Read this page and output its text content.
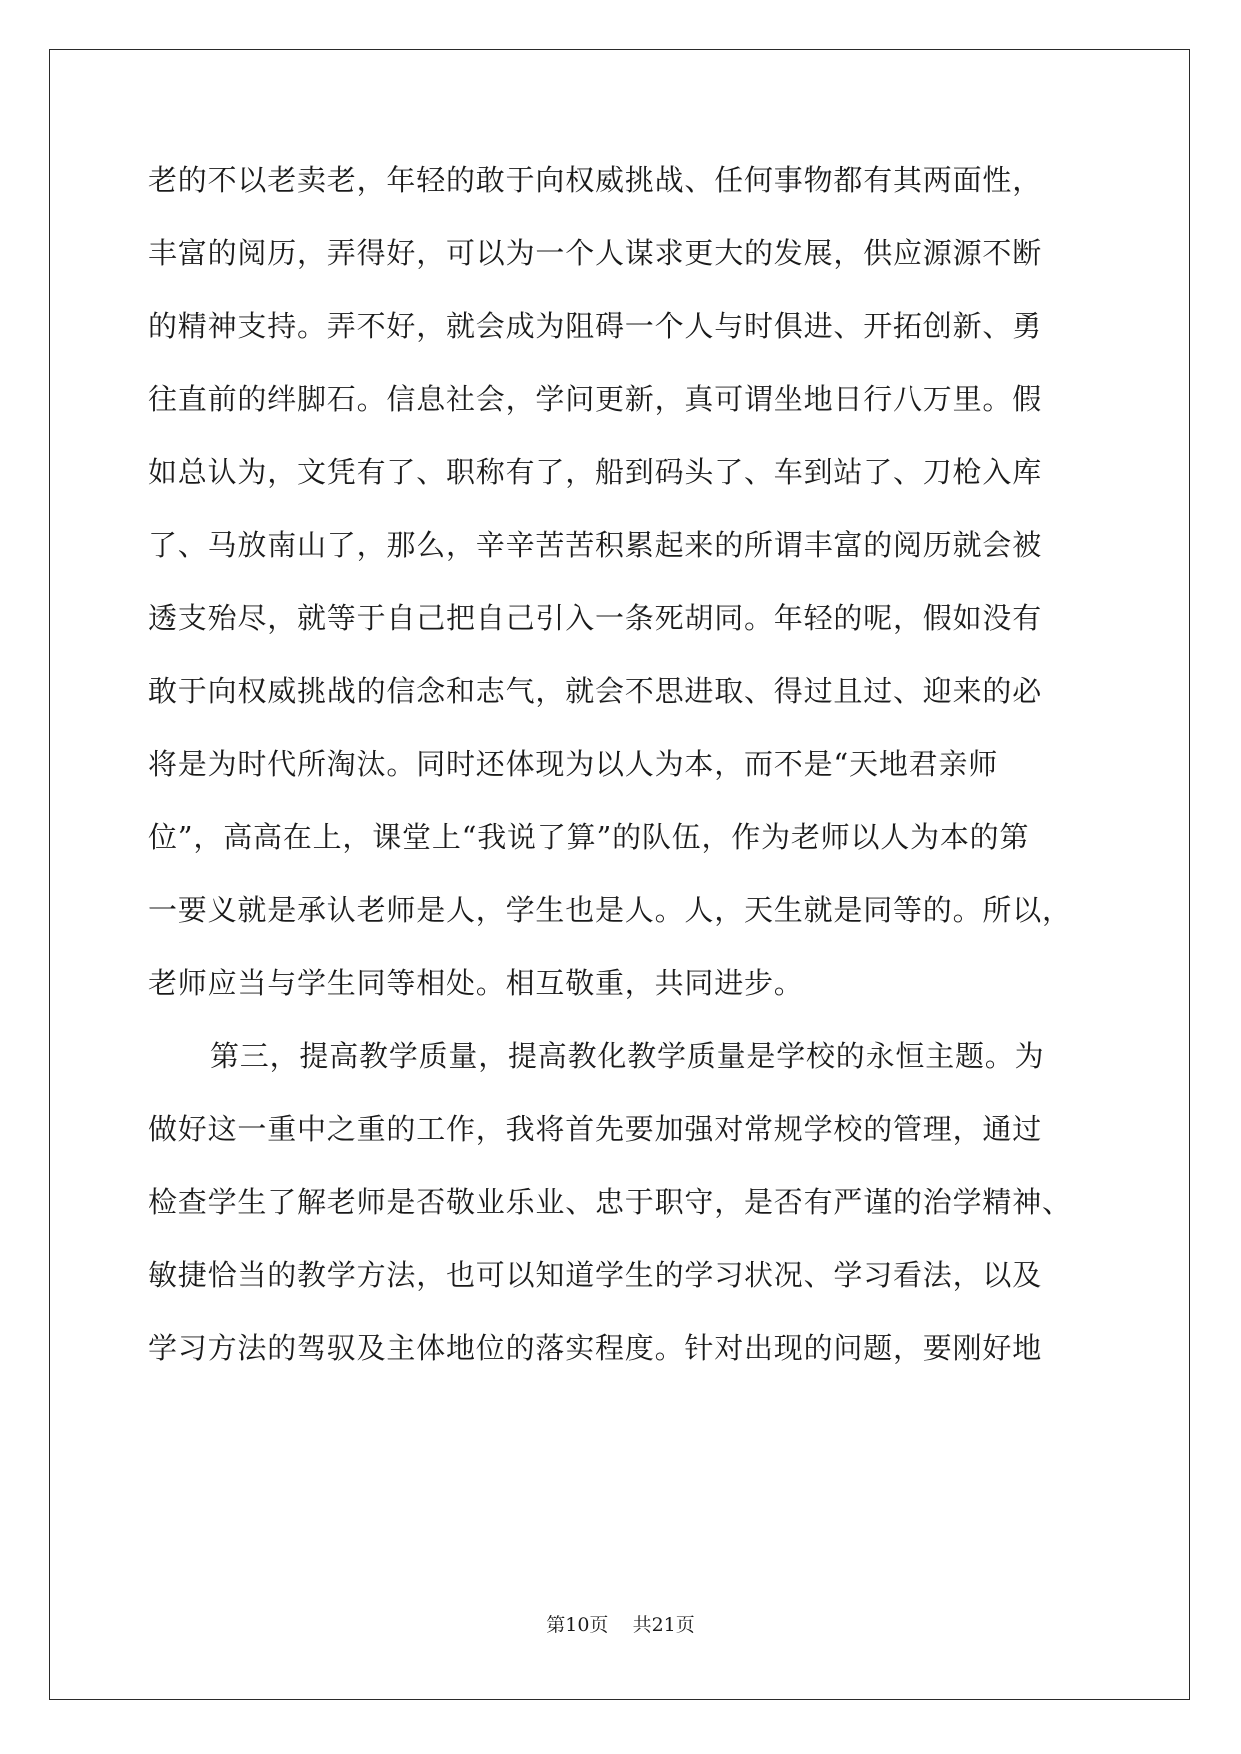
老的不以老卖老，年轻的敢于向权威挑战、任何事物都有其两面性，
丰富的阅历，弄得好，可以为一个人谋求更大的发展，供应源源不断
的精神支持。弄不好，就会成为阻碍一个人与时俱进、开拓创新、勇
往直前的绊脚石。信息社会，学问更新，真可谓坐地日行八万里。假
如总认为，文凭有了、职称有了，船到码头了、车到站了、刀枪入库
了、马放南山了，那么，辛辛苦苦积累起来的所谓丰富的阅历就会被
透支殆尽，就等于自己把自己引入一条死胡同。年轻的呢，假如没有
敢于向权威挑战的信念和志气，就会不思进取、得过且过、迎来的必
将是为时代所淘汰。同时还体现为以人为本，而不是“天地君亲师
位”，高高在上，课堂上“我说了算”的队伍，作为老师以人为本的第
一要义就是承认老师是人，学生也是人。人，天生就是同等的。所以，
老师应当与学生同等相处。相互敬重，共同进步。
第三，提高教学质量，提高教化教学质量是学校的永恒主题。为
做好这一重中之重的工作，我将首先要加强对常规学校的管理，通过
检查学生了解老师是否敬业乐业、忠于职守，是否有严谨的治学精神、
敏捷恰当的教学方法，也可以知道学生的学习状况、学习看法，以及
学习方法的驾驭及主体地位的落实程度。针对出现的问题，要刚好地
第10页    共21页
